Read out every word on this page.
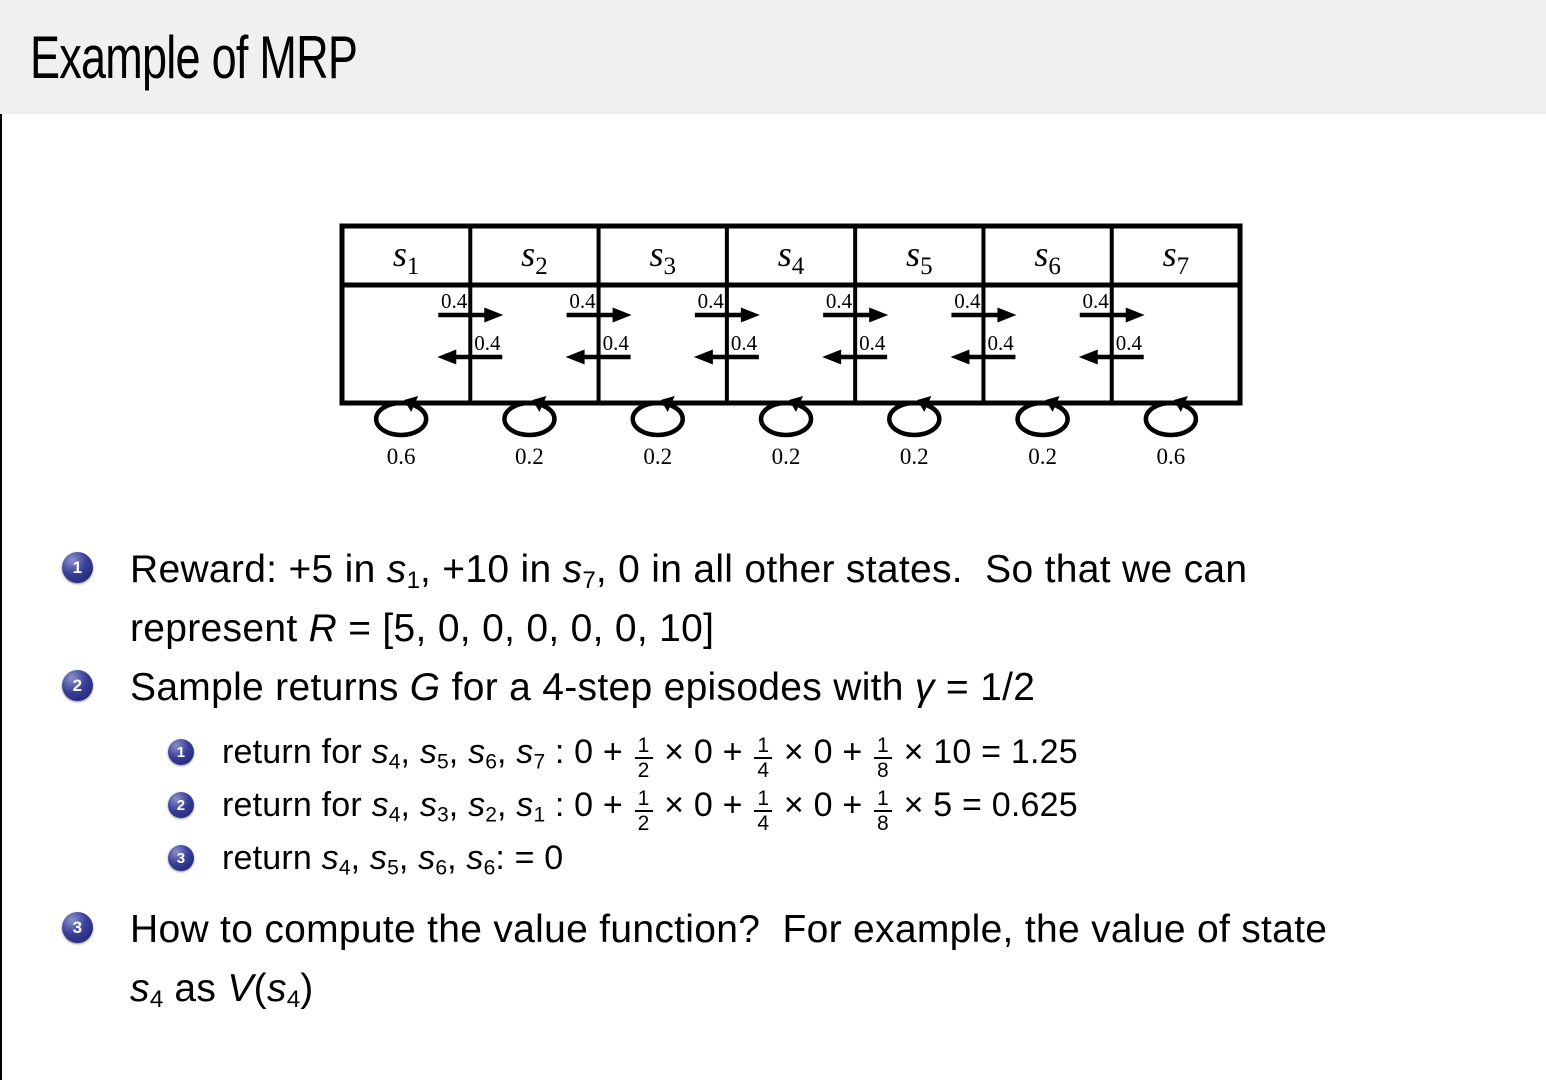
Example of MRP
$s_1$	$s_2$	$s_3$	$s_4$	$s_5$	$s_6$	$s_7$
0.4
0.4
0.4
0.4
0.4
0.4
0.4
0.4
0.4
0.4
0.4
0.4
0.6	0.2	0.2	0.2	0.2	0.2	0.6
1 Reward: +5 in $s_1$, +10 in $s_7$, 0 in all other states.  So that we can
represent R = [5, 0, 0, 0, 0, 0, 10]
2 Sample returns G for a 4-step episodes with γ = 1/2
1 return for $s_4$, $s_5$, $s_6$, $s_7$ : $0 + \frac{1}{2} \times 0 + \frac{1}{4} \times 0 + \frac{1}{8} \times 10 = 1.25$
2 return for $s_4$, $s_3$, $s_2$, $s_1$ : $0 + \frac{1}{2} \times 0 + \frac{1}{4} \times 0 + \frac{1}{8} \times 5 = 0.625$
3 return $s_4$, $s_5$, $s_6$, $s_6$: = 0
3 How to compute the value function?  For example, the value of state
$s_4$ as $V(s_4)$
